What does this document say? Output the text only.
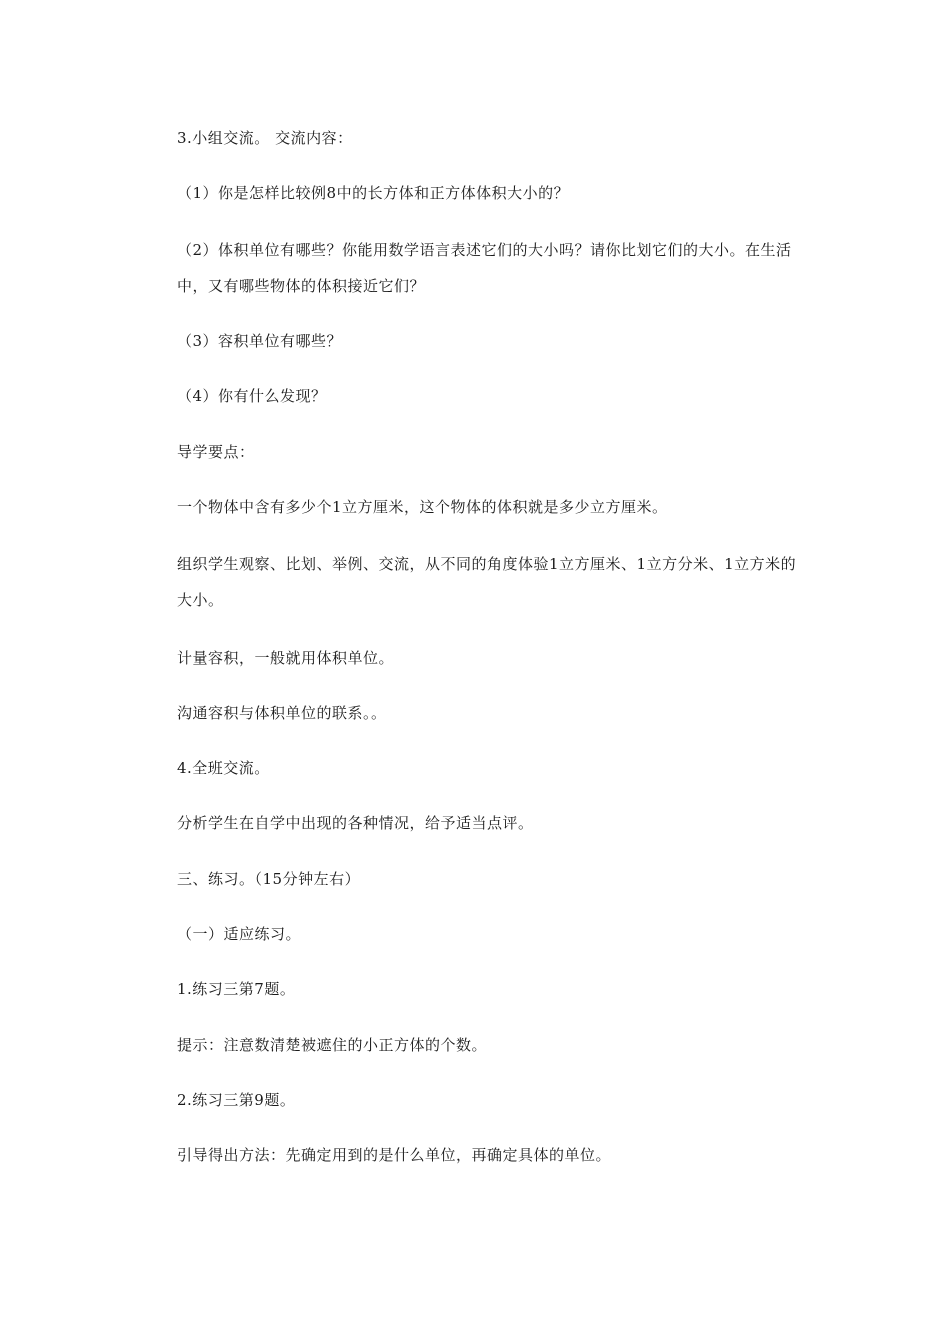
3.小组交流。 交流内容：

（1）你是怎样比较例8中的长方体和正方体体积大小的？

（2）体积单位有哪些？你能用数学语言表述它们的大小吗？请你比划它们的大小。在生活中，又有哪些物体的体积接近它们？

（3）容积单位有哪些？

（4）你有什么发现？

导学要点：

一个物体中含有多少个1立方厘米，这个物体的体积就是多少立方厘米。

组织学生观察、比划、举例、交流，从不同的角度体验1立方厘米、1立方分米、1立方米的大小。

计量容积，一般就用体积单位。

沟通容积与体积单位的联系。。

4.全班交流。

分析学生在自学中出现的各种情况，给予适当点评。

三、练习。（15分钟左右）

（一）适应练习。

1.练习三第7题。

提示：注意数清楚被遮住的小正方体的个数。

2.练习三第9题。

引导得出方法：先确定用到的是什么单位，再确定具体的单位。
